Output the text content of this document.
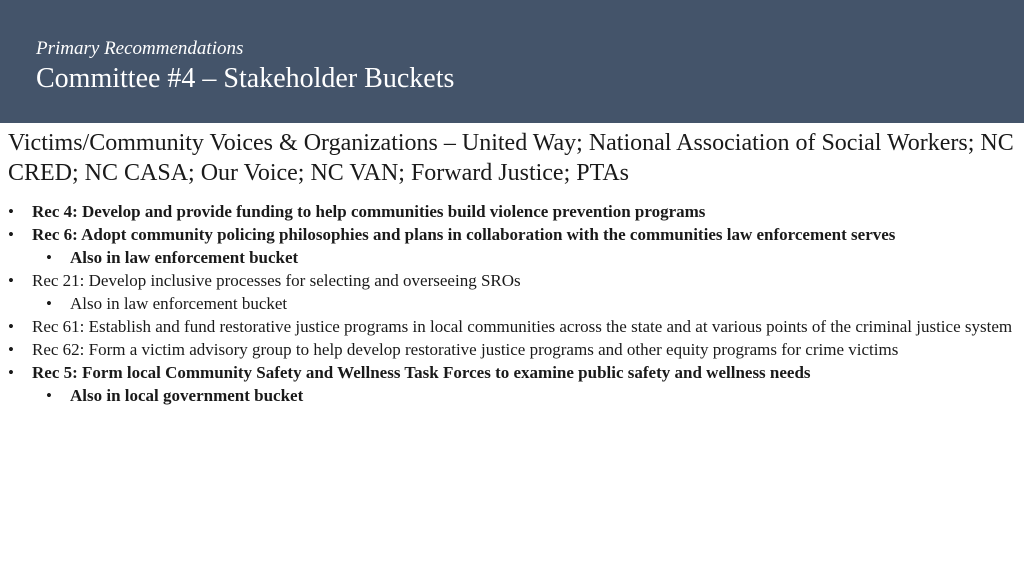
Primary Recommendations
Committee #4 – Stakeholder Buckets

Victims/Community Voices & Organizations – United Way; National Association of Social Workers; NC CRED; NC CASA; Our Voice; NC VAN; Forward Justice; PTAs

• Rec 4: Develop and provide funding to help communities build violence prevention programs
• Rec 6: Adopt community policing philosophies and plans in collaboration with the communities law enforcement serves
• Also in law enforcement bucket
• Rec 21: Develop inclusive processes for selecting and overseeing SROs
• Also in law enforcement bucket
• Rec 61: Establish and fund restorative justice programs in local communities across the state and at various points of the criminal justice system
• Rec 62: Form a victim advisory group to help develop restorative justice programs and other equity programs for crime victims
• Rec 5: Form local Community Safety and Wellness Task Forces to examine public safety and wellness needs
• Also in local government bucket
